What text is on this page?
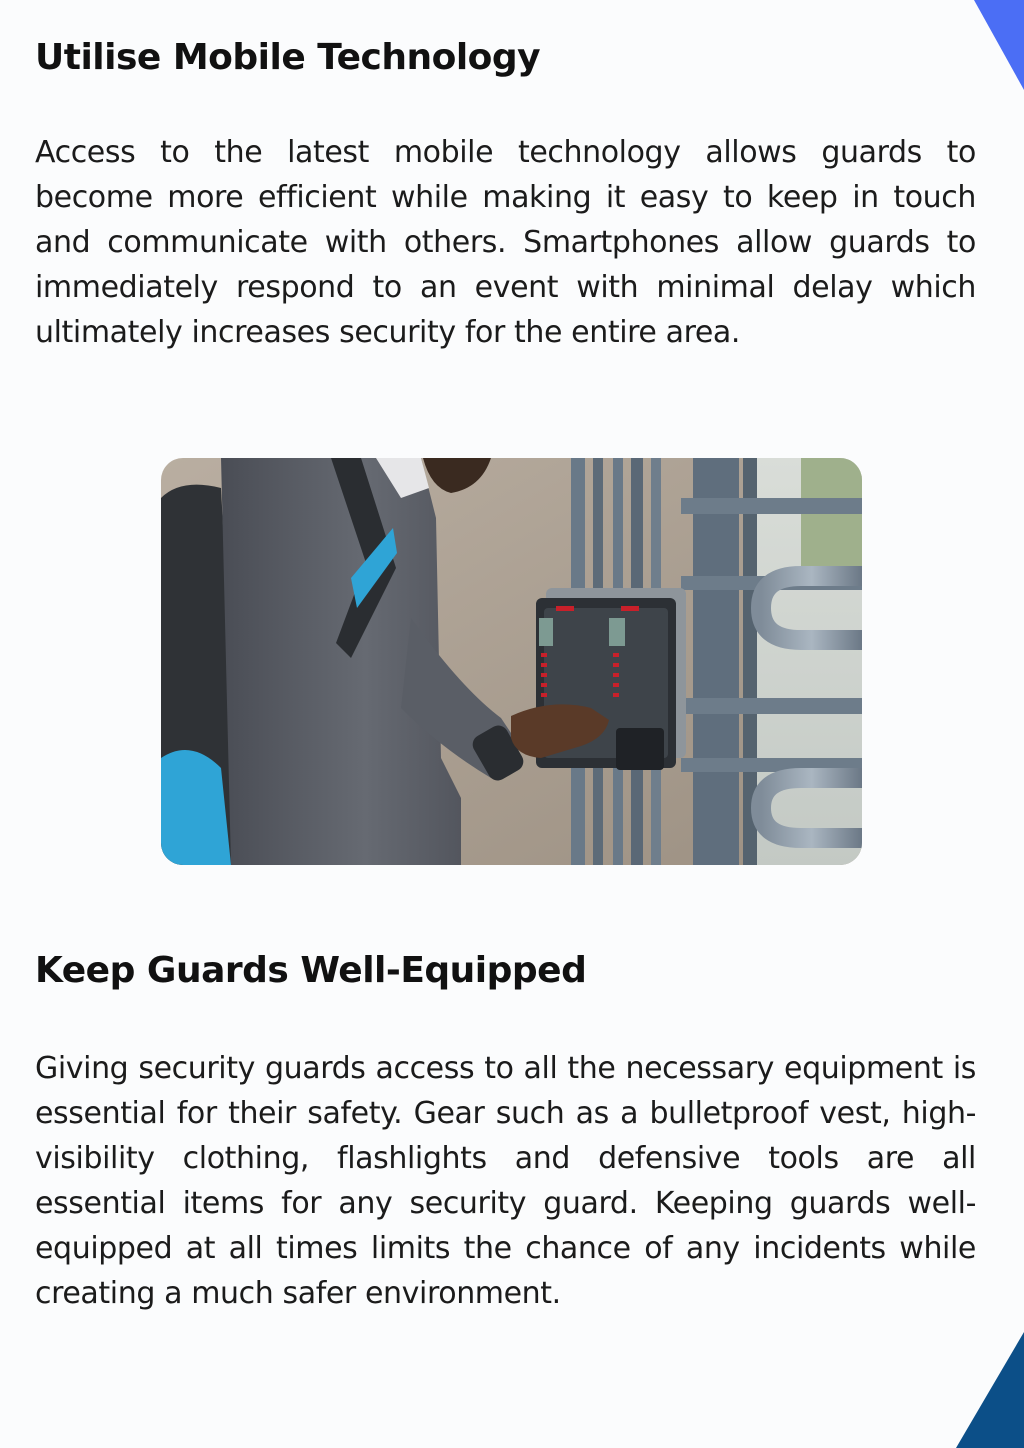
Utilise Mobile Technology

Access to the latest mobile technology allows guards to become more efficient while making it easy to keep in touch and communicate with others. Smartphones allow guards to immediately respond to an event with minimal delay which ultimately increases security for the entire area.

Keep Guards Well-Equipped

Giving security guards access to all the necessary equipment is essential for their safety. Gear such as a bulletproof vest, high-visibility clothing, flashlights and defensive tools are all essential items for any security guard. Keeping guards well-equipped at all times limits the chance of any incidents while creating a much safer environment.
